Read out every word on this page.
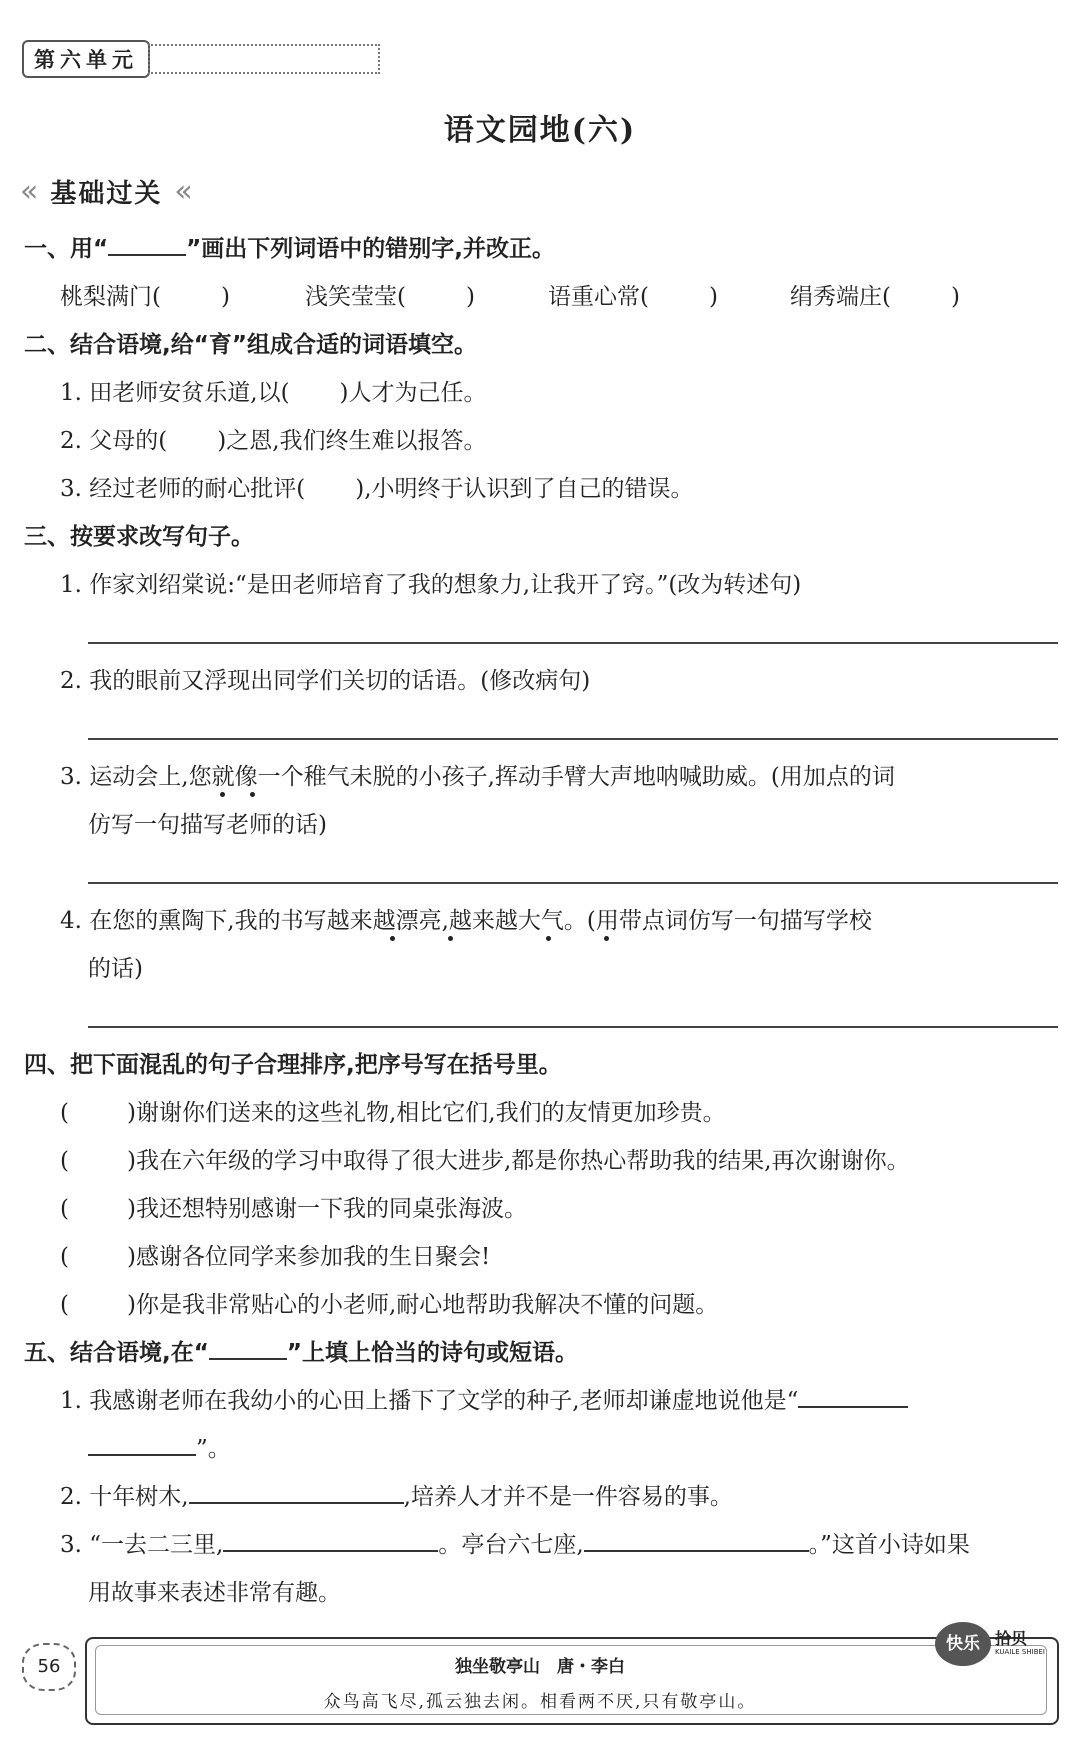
第六单元
语文园地(六)
« 基础过关 «
一、用“	”画出下列词语中的错别字,并改正。
桃梨满门(	)	浅笑莹莹(	)	语重心常(	)	绢秀端庄(	)
二、结合语境,给“育”组成合适的词语填空。
1. 田老师安贫乐道,以( )人才为己任。
2. 父母的( )之恩,我们终生难以报答。
3. 经过老师的耐心批评( ),小明终于认识到了自己的错误。
三、按要求改写句子。
1. 作家刘绍棠说:“是田老师培育了我的想象力,让我开了窍。”(改为转述句)
2. 我的眼前又浮现出同学们关切的话语。(修改病句)
3. 运动会上,您就像一个稚气未脱的小孩子,挥动手臂大声地呐喊助威。(用加点的词
仿写一句描写老师的话)
4. 在您的熏陶下,我的书写越来越漂亮,越来越大气。(用带点词仿写一句描写学校
的话)
四、把下面混乱的句子合理排序,把序号写在括号里。
(	)谢谢你们送来的这些礼物,相比它们,我们的友情更加珍贵。
(	)我在六年级的学习中取得了很大进步,都是你热心帮助我的结果,再次谢谢你。
(	)我还想特别感谢一下我的同桌张海波。
(	)感谢各位同学来参加我的生日聚会!
(	)你是我非常贴心的小老师,耐心地帮助我解决不懂的问题。
五、结合语境,在“	”上填上恰当的诗句或短语。
1. 我感谢老师在我幼小的心田上播下了文学的种子,老师却谦虚地说他是“
”。
2. 十年树木,	,培养人才并不是一件容易的事。
3. “一去二三里,	。亭台六七座,	。”这首小诗如果
用故事来表述非常有趣。
56	独坐敬亭山　唐・李白
众鸟高飞尽,孤云独去闲。相看两不厌,只有敬亭山。
快乐 拾贝
KUAILE SHIBEI
